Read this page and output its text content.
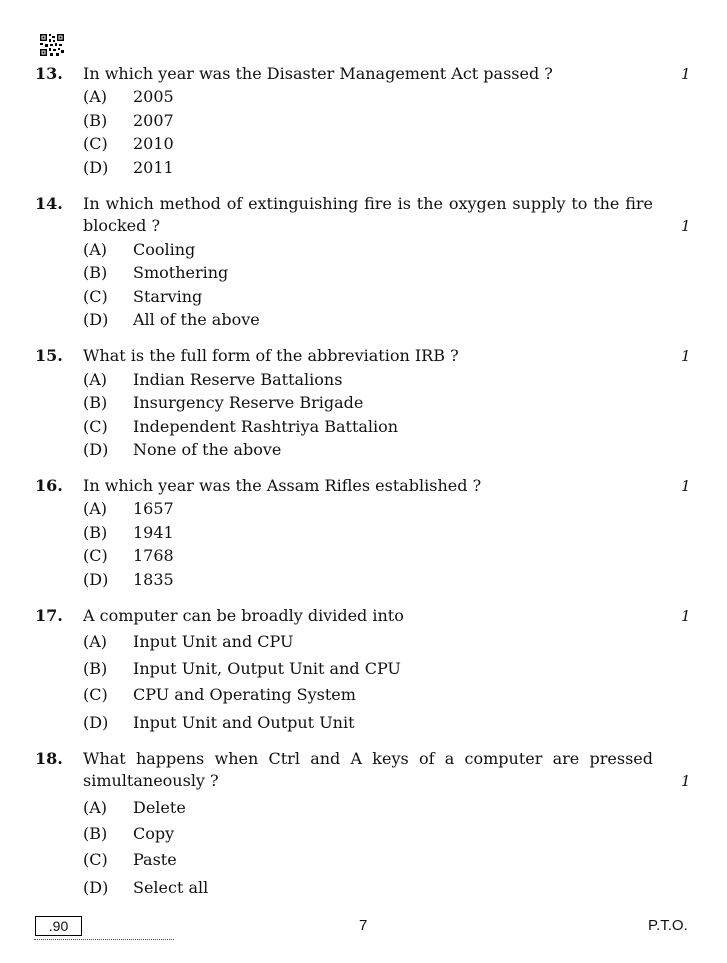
13. In which year was the Disaster Management Act passed ?	1
(A) 2005
(B) 2007
(C) 2010
(D) 2011
14. In which method of extinguishing fire is the oxygen supply to the fire
blocked ?	1
(A) Cooling
(B) Smothering
(C) Starving
(D) All of the above
15. What is the full form of the abbreviation IRB ?	1
(A) Indian Reserve Battalions
(B) Insurgency Reserve Brigade
(C) Independent Rashtriya Battalion
(D) None of the above
16. In which year was the Assam Rifles established ?	1
(A) 1657
(B) 1941
(C) 1768
(D) 1835
17. A computer can be broadly divided into	1
(A) Input Unit and CPU
(B) Input Unit, Output Unit and CPU
(C) CPU and Operating System
(D) Input Unit and Output Unit
18. What happens when Ctrl and A keys of a computer are pressed
simultaneously ?	1
(A) Delete
(B) Copy
(C) Paste
(D) Select all
.90	7	P.T.O.
